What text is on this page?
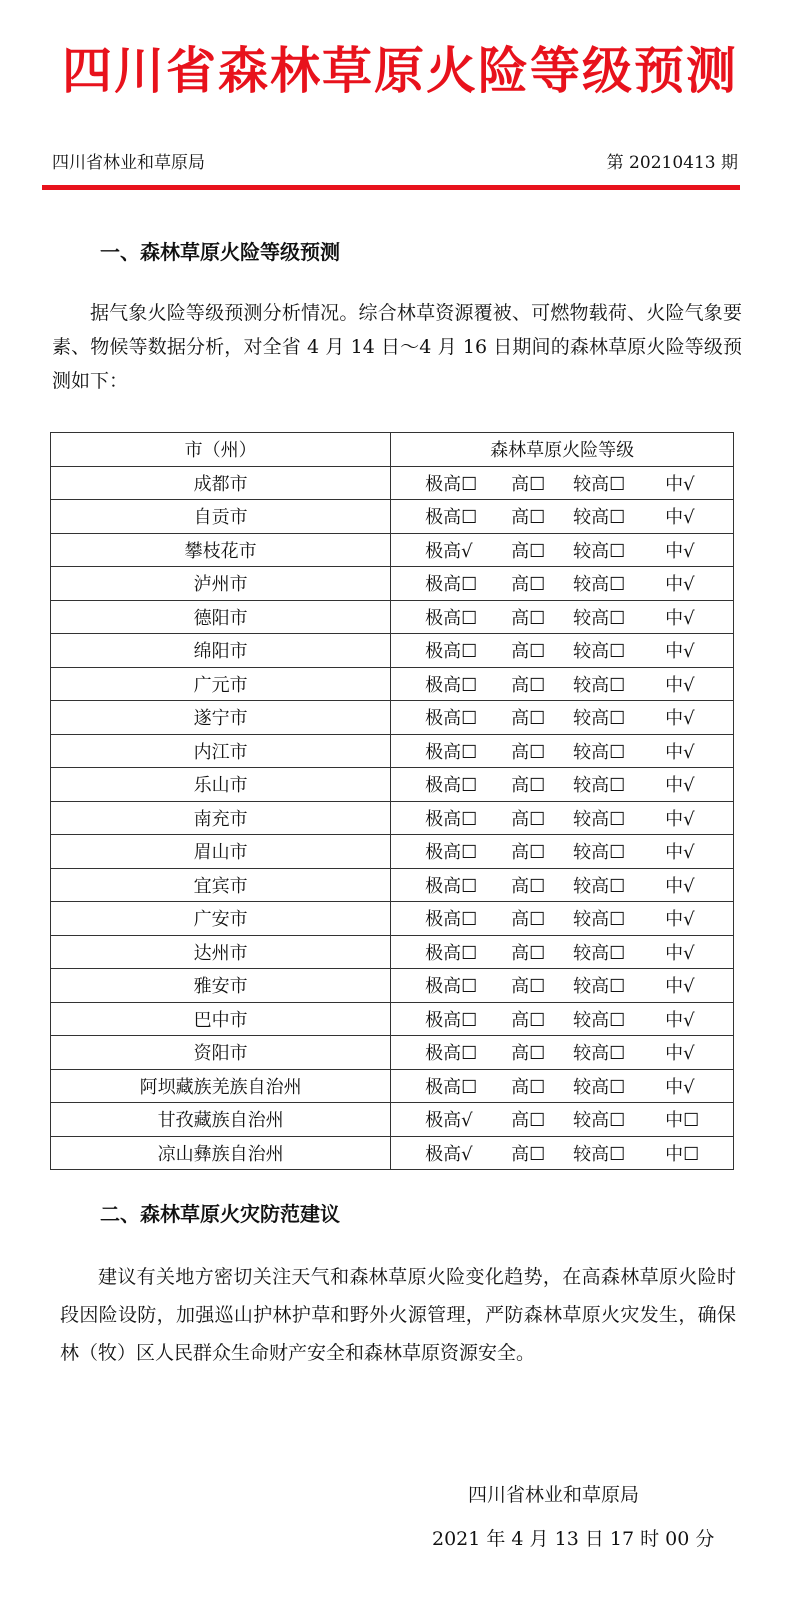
四川省森林草原火险等级预测
四川省林业和草原局	第 20210413 期
一、森林草原火险等级预测
据气象火险等级预测分析情况。综合林草资源覆被、可燃物载荷、火险气象要素、物候等数据分析，对全省 4 月 14 日～4 月 16 日期间的森林草原火险等级预测如下：
市（州）	森林草原火险等级
成都市	极高☐ 高☐ 较高☐ 中√
自贡市	极高☐ 高☐ 较高☐ 中√
攀枝花市	极高√ 高☐ 较高☐ 中√
泸州市	极高☐ 高☐ 较高☐ 中√
德阳市	极高☐ 高☐ 较高☐ 中√
绵阳市	极高☐ 高☐ 较高☐ 中√
广元市	极高☐ 高☐ 较高☐ 中√
遂宁市	极高☐ 高☐ 较高☐ 中√
内江市	极高☐ 高☐ 较高☐ 中√
乐山市	极高☐ 高☐ 较高☐ 中√
南充市	极高☐ 高☐ 较高☐ 中√
眉山市	极高☐ 高☐ 较高☐ 中√
宜宾市	极高☐ 高☐ 较高☐ 中√
广安市	极高☐ 高☐ 较高☐ 中√
达州市	极高☐ 高☐ 较高☐ 中√
雅安市	极高☐ 高☐ 较高☐ 中√
巴中市	极高☐ 高☐ 较高☐ 中√
资阳市	极高☐ 高☐ 较高☐ 中√
阿坝藏族羌族自治州	极高☐ 高☐ 较高☐ 中√
甘孜藏族自治州	极高√ 高☐ 较高☐ 中☐
凉山彝族自治州	极高√ 高☐ 较高☐ 中☐
二、森林草原火灾防范建议
建议有关地方密切关注天气和森林草原火险变化趋势，在高森林草原火险时段因险设防，加强巡山护林护草和野外火源管理，严防森林草原火灾发生，确保林（牧）区人民群众生命财产安全和森林草原资源安全。
四川省林业和草原局
2021 年 4 月 13 日 17 时 00 分
